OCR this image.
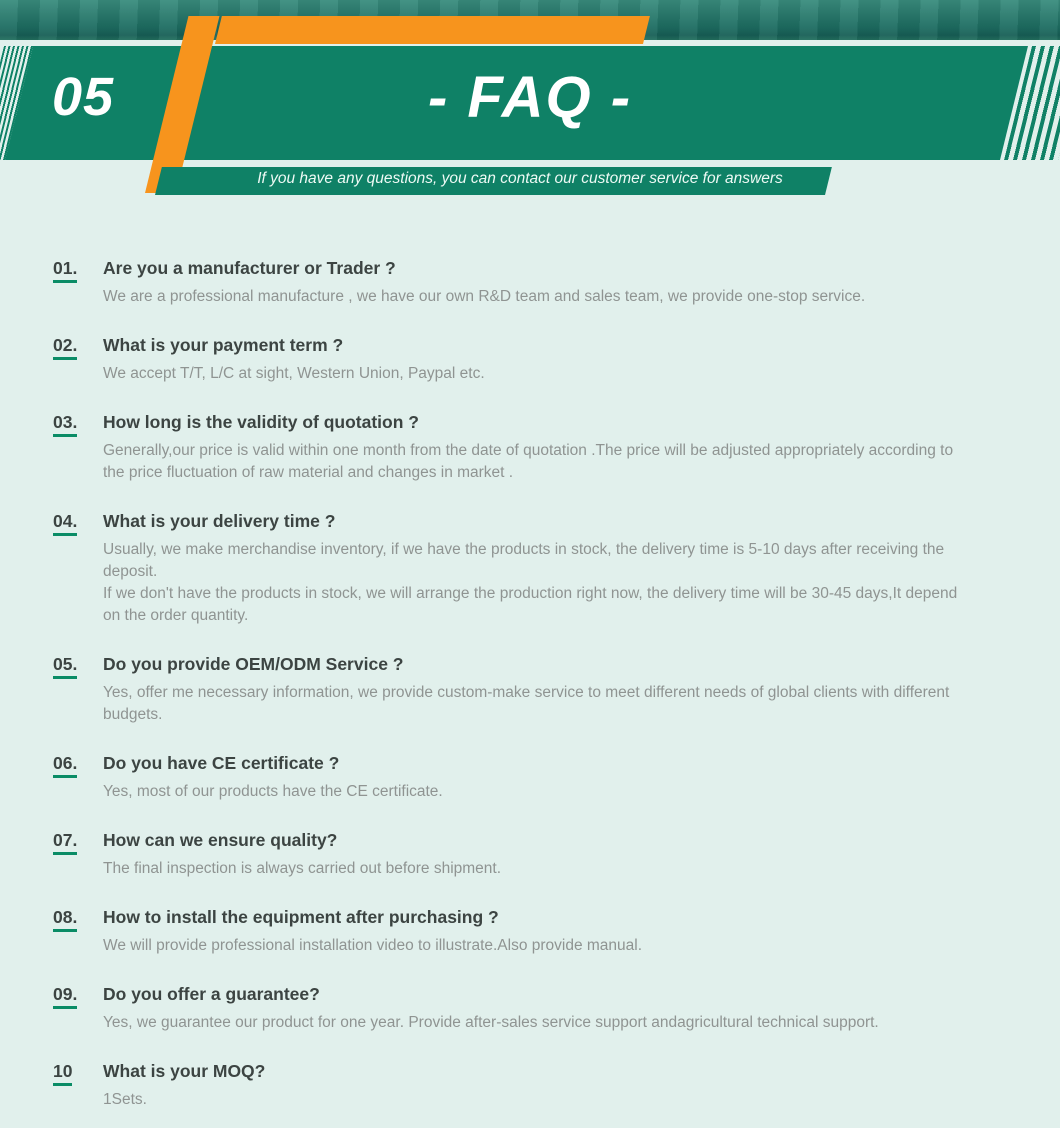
05	- FAQ -
If you have any questions, you can contact our customer service for answers
01.	Are you a manufacturer or Trader ?
We are a professional manufacture , we have our own R&D team and sales team, we provide one-stop service.
02.	What is your payment term ?
We accept T/T, L/C at sight, Western Union, Paypal etc.
03.	How long is the validity of quotation ?
Generally,our price is valid within one month from the date of quotation .The price will be adjusted appropriately according to the price fluctuation of raw material and changes in market .
04.	What is your delivery time ?
Usually, we make merchandise inventory, if we have the products in stock, the delivery time is 5-10 days after receiving the deposit.
If we don't have the products in stock, we will arrange the production right now, the delivery time will be 30-45 days,It depend on the order quantity.
05.	Do you provide OEM/ODM Service ?
Yes, offer me necessary information, we provide custom-make service to meet different needs of global clients with different budgets.
06.	Do you have CE certificate ?
Yes, most of our products have the CE certificate.
07.	How can we ensure quality?
The final inspection is always carried out before shipment.
08.	How to install the equipment after purchasing ?
We will provide professional installation video to illustrate.Also provide manual.
09.	Do you offer a guarantee?
Yes, we guarantee our product for one year. Provide after-sales service support andagricultural technical support.
10	What is your MOQ?
1Sets.
